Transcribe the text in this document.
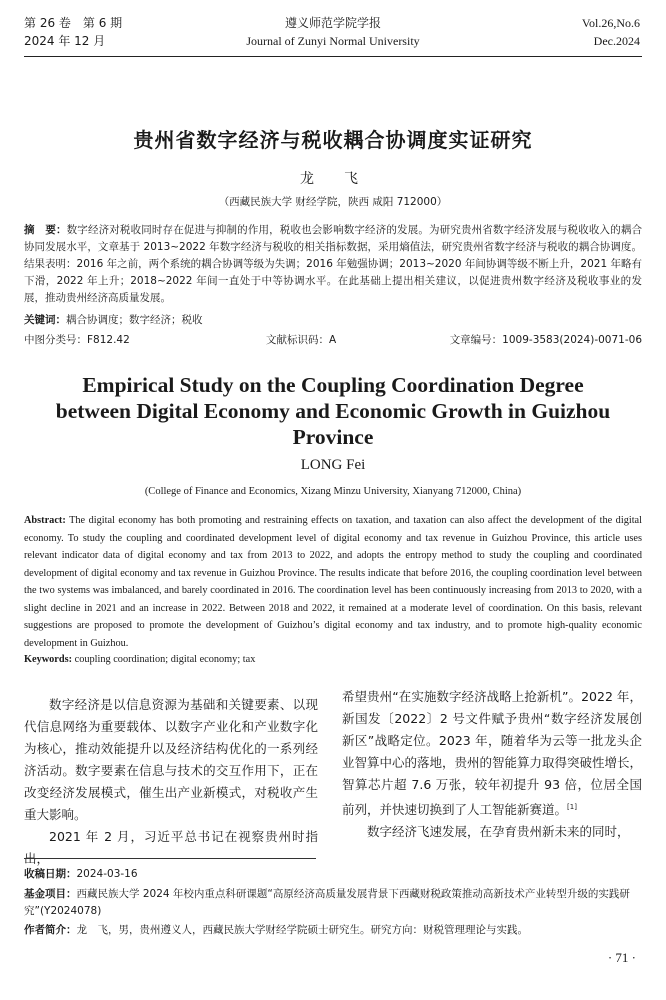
第 26 卷　第 6 期
2024 年 12 月
遵义师范学院学报
Journal of Zunyi Normal University
Vol.26,No.6
Dec.2024
贵州省数字经济与税收耦合协调度实证研究
龙　飞
（西藏民族大学 财经学院，陕西 咸阳 712000）
摘　要：数字经济对税收同时存在促进与抑制的作用，税收也会影响数字经济的发展。为研究贵州省数字经济发展与税收收入的耦合协同发展水平，文章基于 2013~2022 年数字经济与税收的相关指标数据，采用熵值法，研究贵州省数字经济与税收的耦合协调度。结果表明：2016 年之前，两个系统的耦合协调等级为失调；2016 年勉强协调；2013~2020 年间协调等级不断上升，2021 年略有下滑，2022 年上升；2018~2022 年间一直处于中等协调水平。在此基础上提出相关建议，以促进贵州数字经济及税收事业的发展，推动贵州经济高质量发展。
关键词：耦合协调度；数字经济；税收
中图分类号：F812.42	文献标识码：A	文章编号：1009-3583(2024)-0071-06
Empirical Study on the Coupling Coordination Degree between Digital Economy and Economic Growth in Guizhou Province
LONG Fei
(College of Finance and Economics, Xizang Minzu University, Xianyang 712000, China)
Abstract: The digital economy has both promoting and restraining effects on taxation, and taxation can also affect the development of the digital economy. To study the coupling and coordinated development level of digital economy and tax revenue in Guizhou Province, this article uses relevant indicator data of digital economy and tax from 2013 to 2022, and adopts the entropy method to study the coupling and coordinated development of digital economy and tax revenue in Guizhou Province. The results indicate that before 2016, the coupling coordination level between the two systems was imbalanced, and barely coordinated in 2016. The coordination level has been continuously increasing from 2013 to 2020, with a slight decline in 2021 and an increase in 2022. Between 2018 and 2022, it remained at a moderate level of coordination. On this basis, relevant suggestions are proposed to promote the development of Guizhou’s digital economy and tax industry, and to promote high-quality economic development in Guizhou.
Keywords: coupling coordination; digital economy; tax

数字经济是以信息资源为基础和关键要素、以现代信息网络为重要载体、以数字产业化和产业数字化为核心，推动效能提升以及经济结构优化的一系列经济活动。数字要素在信息与技术的交互作用下，正在改变经济发展模式，催生出产业新模式，对税收产生重大影响。

2021 年 2 月，习近平总书记在视察贵州时指出，

希望贵州“在实施数字经济战略上抢新机”。2022 年，新国发〔2022〕2 号文件赋予贵州“数字经济发展创新区”战略定位。2023 年，随着华为云等一批龙头企业智算中心的落地，贵州的智能算力取得突破性增长，智算芯片超 7.6 万张，较年初提升 93 倍，位居全国前列，并快速切换到了人工智能新赛道。[1]

数字经济飞速发展，在孕育贵州新未来的同时，

收稿日期：2024-03-16
基金项目：西藏民族大学 2024 年校内重点科研课题“高原经济高质量发展背景下西藏财税政策推动高新技术产业转型升级的实践研究”(Y2024078)
作者简介：龙　飞，男，贵州遵义人，西藏民族大学财经学院硕士研究生。研究方向：财税管理理论与实践。
· 71 ·
